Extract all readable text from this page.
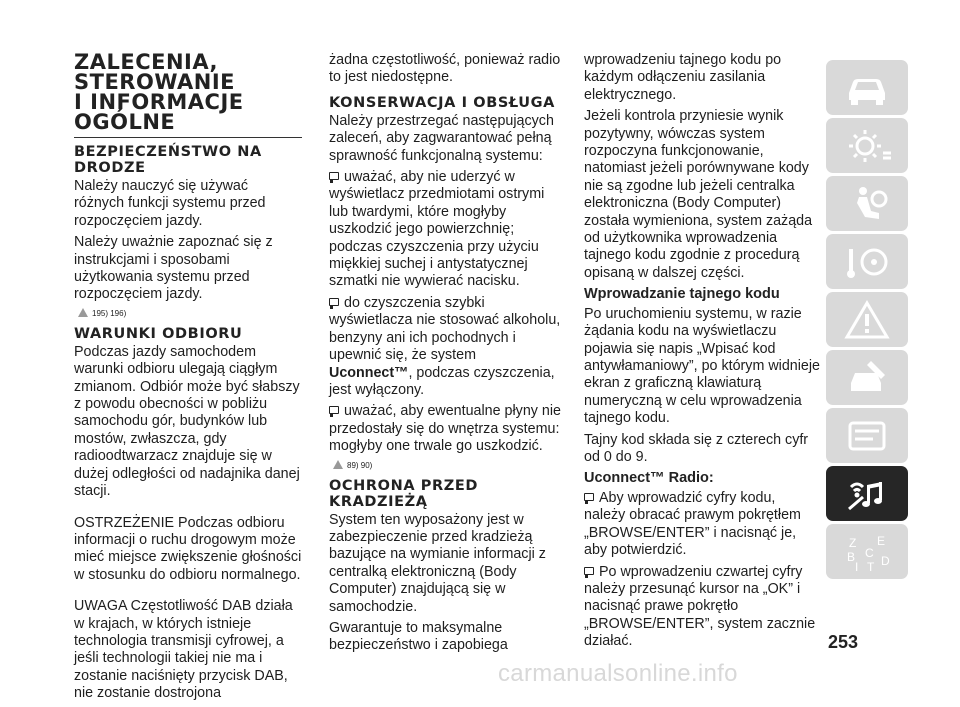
ZALECENIA,
STEROWANIE
I INFORMACJE
OGÓLNE
BEZPIECZEŃSTWO NA DRODZE

Należy nauczyć się używać różnych funkcji systemu przed rozpoczęciem jazdy.

Należy uważnie zapoznać się z instrukcjami i sposobami użytkowania systemu przed rozpoczęciem jazdy.

195) 196)
WARUNKI ODBIORU

Podczas jazdy samochodem warunki odbioru ulegają ciągłym zmianom. Odbiór może być słabszy z powodu obecności w pobliżu samochodu gór, budynków lub mostów, zwłaszcza, gdy radioodtwarzacz znajduje się w dużej odległości od nadajnika danej stacji.

OSTRZEŻENIE Podczas odbioru informacji o ruchu drogowym może mieć miejsce zwiększenie głośności w stosunku do odbioru normalnego.

UWAGA Częstotliwość DAB działa w krajach, w których istnieje technologia transmisji cyfrowej, a jeśli technologii takiej nie ma i zostanie naciśnięty przycisk DAB, nie zostanie dostrojona

żadna częstotliwość, ponieważ radio to jest niedostępne.

KONSERWACJA I OBSŁUGA

Należy przestrzegać następujących zaleceń, aby zagwarantować pełną sprawność funkcjonalną systemu:

uważać, aby nie uderzyć w wyświetlacz przedmiotami ostrymi lub twardymi, które mogłyby uszkodzić jego powierzchnię; podczas czyszczenia przy użyciu miękkiej suchej i antystatycznej szmatki nie wywierać nacisku.

do czyszczenia szybki wyświetlacza nie stosować alkoholu, benzyny ani ich pochodnych i upewnić się, że system Uconnect™, podczas czyszczenia, jest wyłączony.

uważać, aby ewentualne płyny nie przedostały się do wnętrza systemu: mogłyby one trwale go uszkodzić.

89) 90)
OCHRONA PRZED KRADZIEŻĄ

System ten wyposażony jest w zabezpieczenie przed kradzieżą bazujące na wymianie informacji z centralką elektroniczną (Body Computer) znajdującą się w samochodzie.

Gwarantuje to maksymalne bezpieczeństwo i zapobiega

wprowadzeniu tajnego kodu po każdym odłączeniu zasilania elektrycznego.

Jeżeli kontrola przyniesie wynik pozytywny, wówczas system rozpoczyna funkcjonowanie, natomiast jeżeli porównywane kody nie są zgodne lub jeżeli centralka elektroniczna (Body Computer) została wymieniona, system zażąda od użytkownika wprowadzenia tajnego kodu zgodnie z procedurą opisaną w dalszej części.

Wprowadzanie tajnego kodu

Po uruchomieniu systemu, w razie żądania kodu na wyświetlaczu pojawia się napis „Wpisać kod antywłamaniowy”, po którym widnieje ekran z graficzną klawiaturą numeryczną w celu wprowadzenia tajnego kodu.

Tajny kod składa się z czterech cyfr od 0 do 9.

Uconnect™ Radio:

Aby wprowadzić cyfry kodu, należy obracać prawym pokrętłem „BROWSE/ENTER” i nacisnąć je, aby potwierdzić.

Po wprowadzeniu czwartej cyfry należy przesunąć kursor na „OK” i nacisnąć prawe pokrętło „BROWSE/ENTER”, system zacznie działać.

Z E
B C
I T D
253
carmanualsonline.info
